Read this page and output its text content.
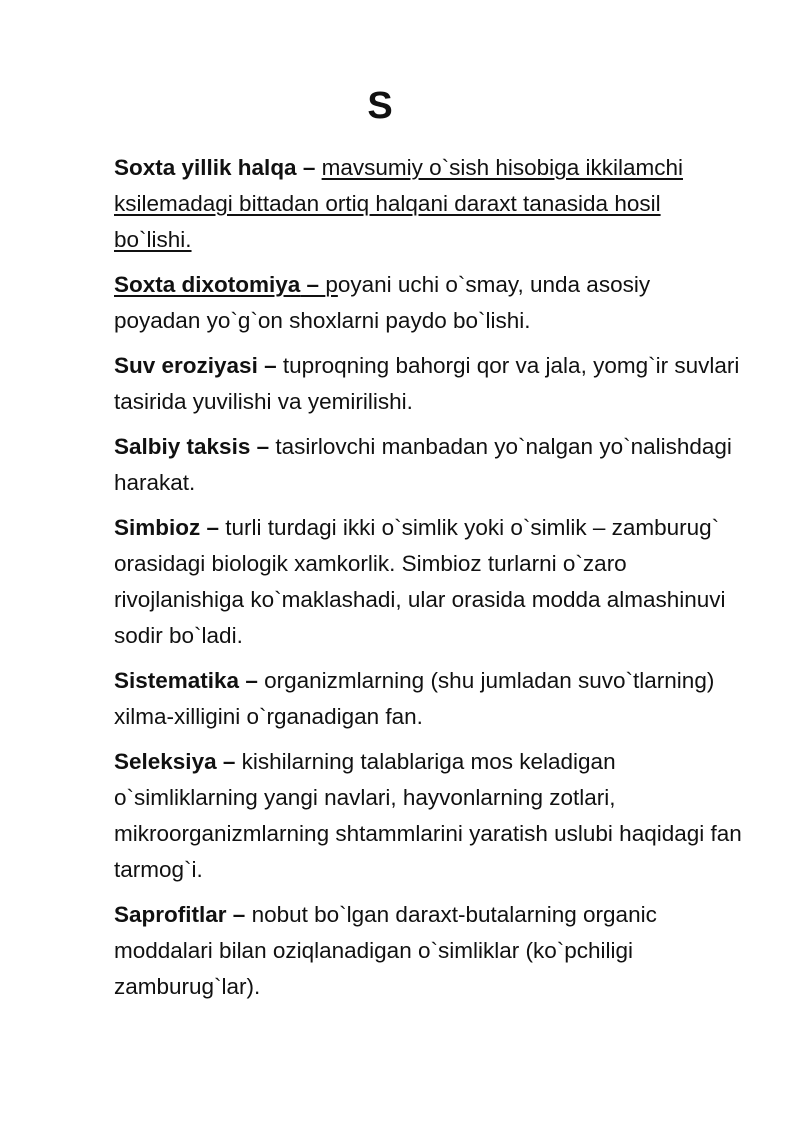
S

Soxta yillik halqa – mavsumiy o`sish hisobiga ikkilamchi ksilemadagi bittadan ortiq halqani daraxt tanasida hosil bo`lishi.

Soxta dixotomiya – poyani uchi o`smay, unda asosiy poyadan yo`g`on shoxlarni paydo bo`lishi.

Suv eroziyasi – tuproqning bahorgi qor va jala, yomg`ir suvlari tasirida yuvilishi va yemirilishi.

Salbiy taksis – tasirlovchi manbadan yo`nalgan yo`nalishdagi harakat.

Simbioz – turli turdagi ikki o`simlik yoki o`simlik – zamburug` orasidagi biologik xamkorlik. Simbioz turlarni o`zaro rivojlanishiga ko`maklashadi, ular orasida modda almashinuvi sodir bo`ladi.

Sistematika – organizmlarning (shu jumladan suvo`tlarning) xilma-xilligini o`rganadigan fan.

Seleksiya – kishilarning talablariga mos keladigan o`simliklarning yangi navlari, hayvonlarning zotlari, mikroorganizmlarning shtammlarini yaratish uslubi haqidagi fan tarmog`i.

Saprofitlar – nobut bo`lgan daraxt-butalarning organic moddalari bilan oziqlanadigan o`simliklar (ko`pchiligi zamburug`lar).
